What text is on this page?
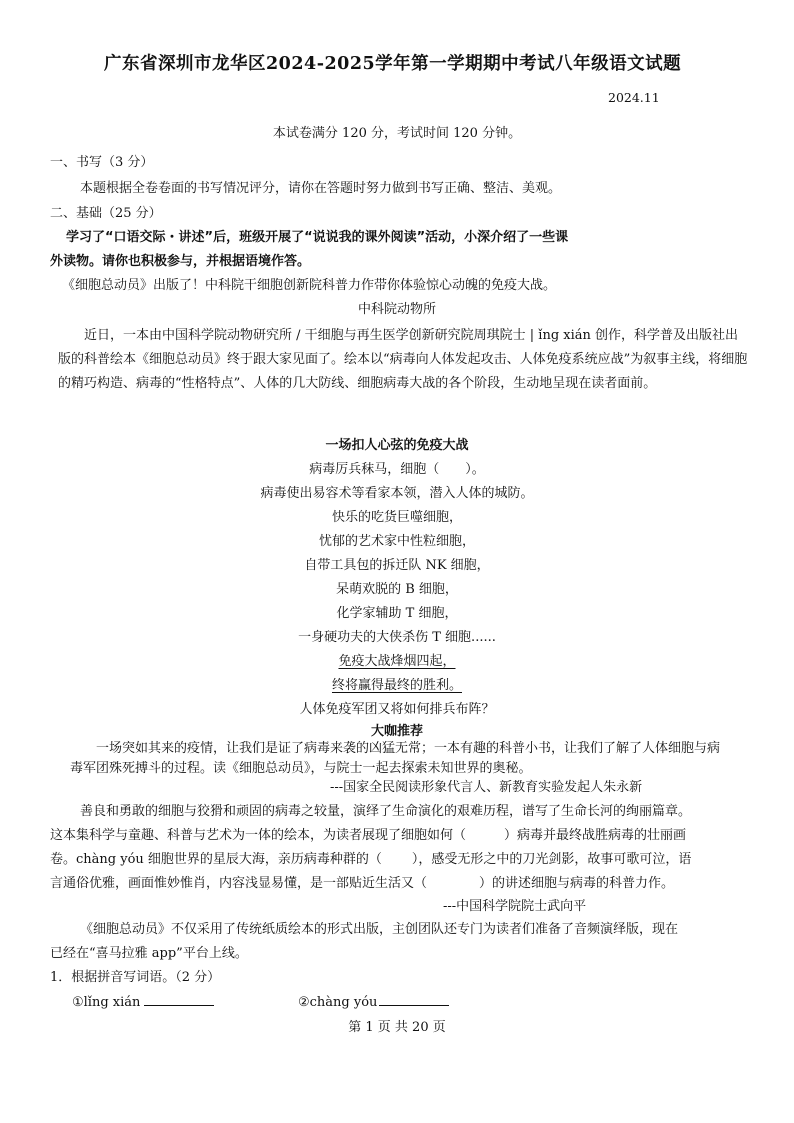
广东省深圳市龙华区2024-2025学年第一学期期中考试八年级语文试题
2024.11
本试卷满分 120 分，考试时间 120 分钟。
一、书写（3 分）
本题根据全卷卷面的书写情况评分，请你在答题时努力做到书写正确、整洁、美观。
二、基础（25 分）
学习了“口语交际・讲述”后，班级开展了“说说我的课外阅读”活动，小深介绍了一些课
外读物。请你也积极参与，并根据语境作答。
《细胞总动员》出版了！中科院干细胞创新院科普力作带你体验惊心动魄的免疫大战。
中科院动物所
近日，一本由中国科学院动物研究所 / 干细胞与再生医学创新研究院周琪院士 | ǐng xián 创作，科学普及出版社出版的科普绘本《细胞总动员》终于跟大家见面了。绘本以“病毒向人体发起攻击、人体免疫系统应战”为叙事主线，将细胞的精巧构造、病毒的“性格特点”、人体的几大防线、细胞病毒大战的各个阶段，生动地呈现在读者面前。
一场扣人心弦的免疫大战
病毒厉兵秣马，细胞（　　）。
病毒使出易容术等看家本领，潜入人体的城防。
快乐的吃货巨噬细胞，
忧郁的艺术家中性粒细胞，
自带工具包的拆迁队 NK 细胞，
呆萌欢脱的 B 细胞，
化学家辅助 T 细胞，
一身硬功夫的大侠杀伤 T 细胞......
免疫大战烽烟四起，
终将赢得最终的胜利。
人体免疫军团又将如何排兵布阵？
大咖推荐
一场突如其来的疫情，让我们是证了病毒来袭的凶猛无常；一本有趣的科普小书，让我们了解了人体细胞与病毒军团殊死搏斗的过程。读《细胞总动员》，与院士一起去探索未知世界的奥秘。
---国家全民阅读形象代言人、新教育实验发起人朱永新
善良和勇敢的细胞与狡猾和顽固的病毒之较量，演绎了生命演化的艰难历程，谱写了生命长河的绚丽篇章。
这本集科学与童趣、科普与艺术为一体的绘本，为读者展现了细胞如何（	）病毒并最终战胜病毒的壮丽画
卷。chàng yóu 细胞世界的星辰大海，亲历病毒种群的（ ），感受无形之中的刀光剑影，故事可歌可泣，语
言通俗优雅，画面惟妙惟肖，内容浅显易懂，是一部贴近生活又（	）的讲述细胞与病毒的科普力作。
---中国科学院院士武向平
《细胞总动员》不仅采用了传统纸质绘本的形式出版，主创团队还专门为读者们准备了音频演绎版，现在
已经在“喜马拉雅 app”平台上线。
1．根据拼音写词语。（2 分）
①lǐng xián	②chàng yóu
第 1 页 共 20 页
